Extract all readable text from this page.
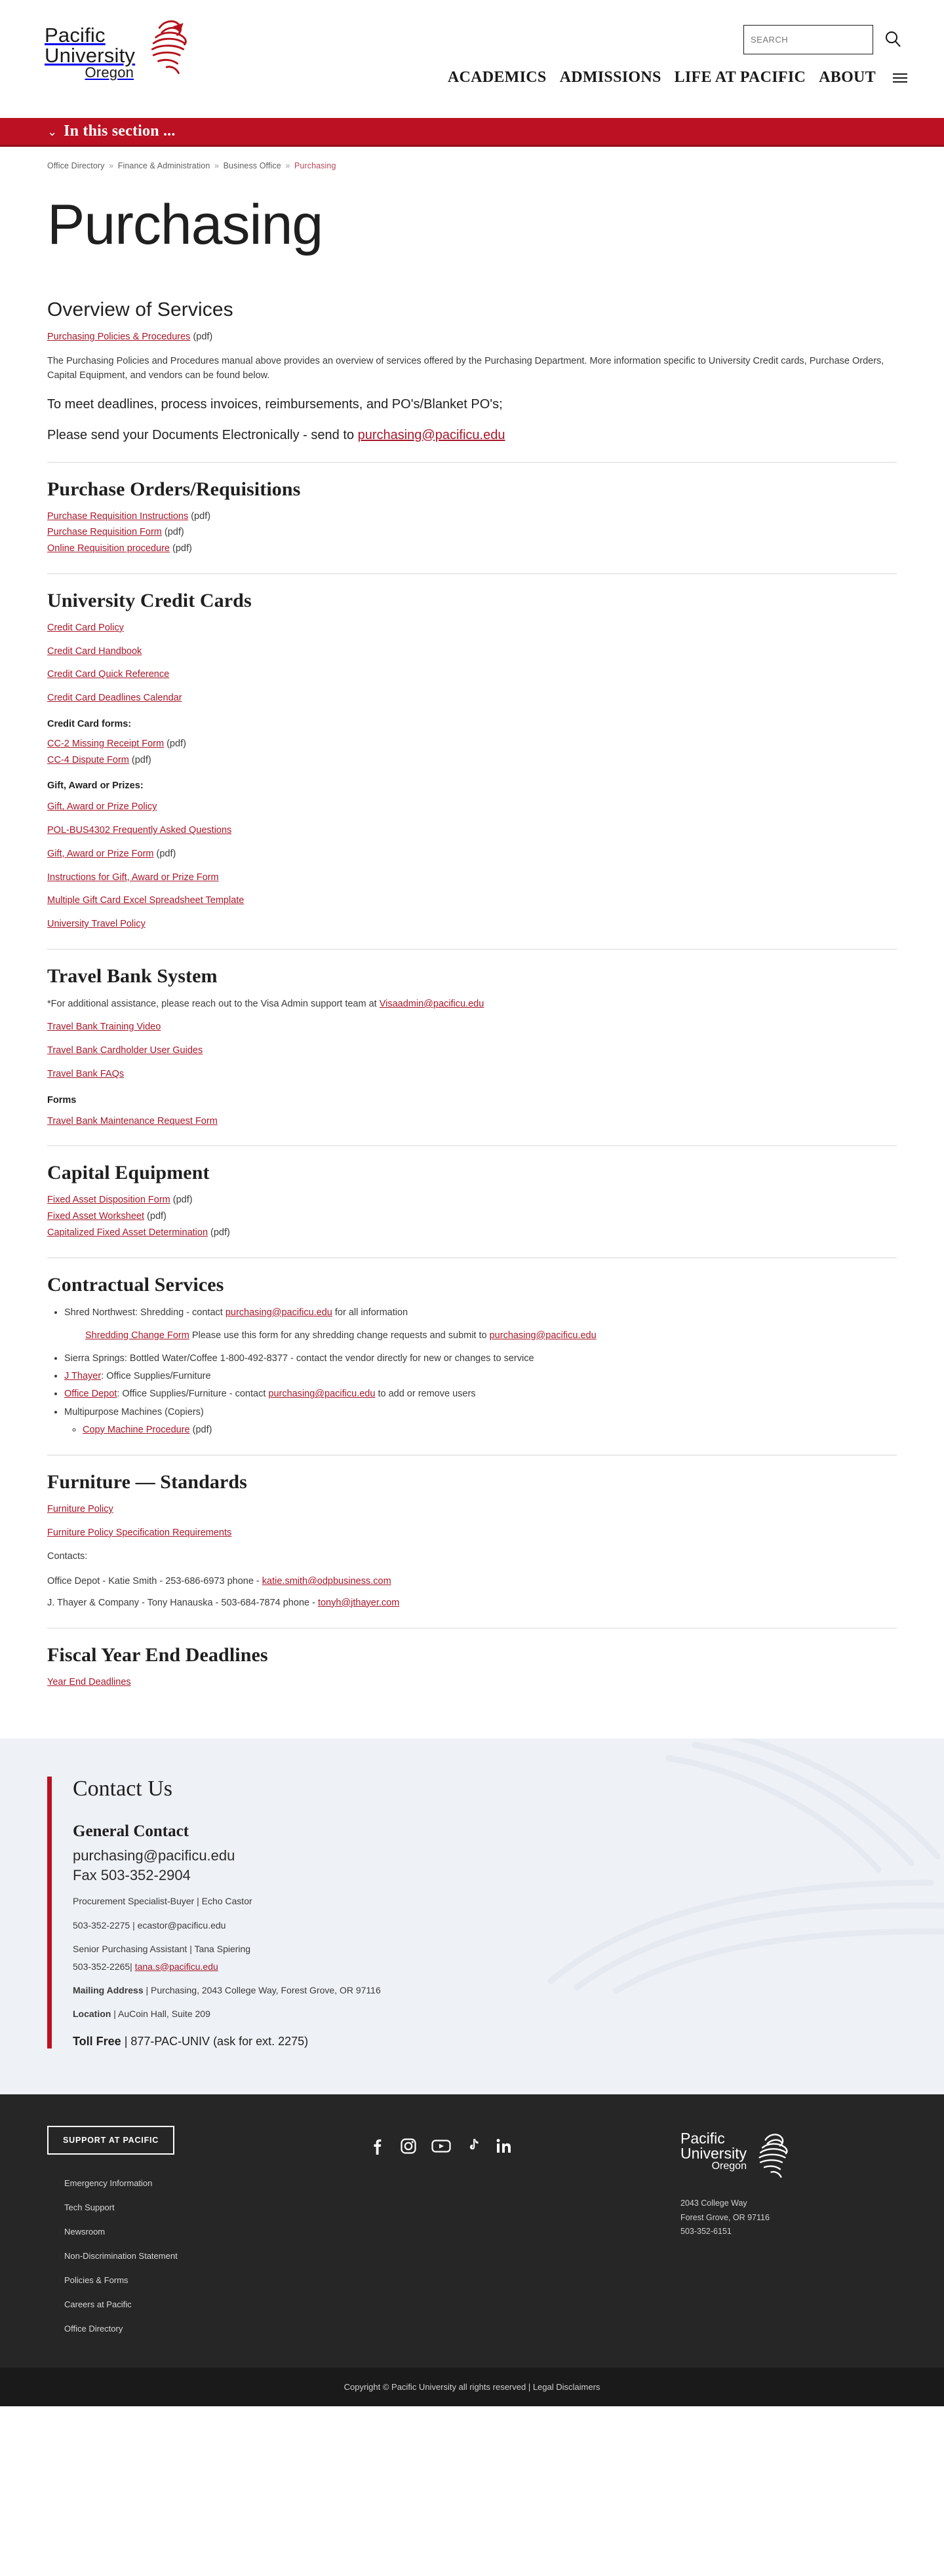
Pacific
University
Oregon
SEARCH	ACADEMICS ADMISSIONS LIFE AT PACIFIC ABOUT
⌄ In this section ...
Office Directory » Finance & Administration » Business Office » Purchasing
Purchasing
Overview of Services
Purchasing Policies & Procedures (pdf)

The Purchasing Policies and Procedures manual above provides an overview of services offered by the Purchasing Department. More information specific to University Credit cards, Purchase Orders, Capital Equipment, and vendors can be found below.

To meet deadlines, process invoices, reimbursements, and PO's/Blanket PO's;

Please send your Documents Electronically - send to purchasing@pacificu.edu

Purchase Orders/Requisitions
Purchase Requisition Instructions (pdf)
Purchase Requisition Form (pdf)
Online Requisition procedure (pdf)
University Credit Cards
Credit Card Policy
Credit Card Handbook
Credit Card Quick Reference
Credit Card Deadlines Calendar
Credit Card forms:
CC-2 Missing Receipt Form (pdf)
CC-4 Dispute Form (pdf)
Gift, Award or Prizes:
Gift, Award or Prize Policy
POL-BUS4302 Frequently Asked Questions
Gift, Award or Prize Form (pdf)
Instructions for Gift, Award or Prize Form
Multiple Gift Card Excel Spreadsheet Template
University Travel Policy
Travel Bank System

*For additional assistance, please reach out to the Visa Admin support team at Visaadmin@pacificu.edu

Travel Bank Training Video
Travel Bank Cardholder User Guides
Travel Bank FAQs
Forms
Travel Bank Maintenance Request Form
Capital Equipment
Fixed Asset Disposition Form (pdf)
Fixed Asset Worksheet (pdf)
Capitalized Fixed Asset Determination (pdf)
Contractual Services
• Shred Northwest: Shredding - contact purchasing@pacificu.edu for all information
Shredding Change Form Please use this form for any shredding change requests and submit to purchasing@pacificu.edu
• Sierra Springs: Bottled Water/Coffee 1-800-492-8377 - contact the vendor directly for new or changes to service
• J Thayer: Office Supplies/Furniture
• Office Depot: Office Supplies/Furniture - contact purchasing@pacificu.edu to add or remove users
• Multipurpose Machines (Copiers)
◦ Copy Machine Procedure (pdf)
Furniture — Standards
Furniture Policy
Furniture Policy Specification Requirements

Contacts:

Office Depot - Katie Smith - 253-686-6973 phone - katie.smith@odpbusiness.com

J. Thayer & Company - Tony Hanauska - 503-684-7874 phone - tonyh@jthayer.com

Fiscal Year End Deadlines
Year End Deadlines
Contact Us
General Contact
purchasing@pacificu.edu
Fax 503-352-2904
Procurement Specialist-Buyer | Echo Castor
503-352-2275 | ecastor@pacificu.edu
Senior Purchasing Assistant | Tana Spiering
503-352-2265| tana.s@pacificu.edu
Mailing Address | Purchasing, 2043 College Way, Forest Grove, OR 97116
Location | AuCoin Hall, Suite 209
Toll Free | 877-PAC-UNIV (ask for ext. 2275)
SUPPORT AT PACIFIC
Emergency Information
Tech Support
Newsroom
Non-Discrimination Statement
Policies & Forms
Careers at Pacific
Office Directory
Pacific
University
Oregon
2043 College Way
Forest Grove, OR 97116
503-352-6151
Copyright © Pacific University all rights reserved | Legal Disclaimers
